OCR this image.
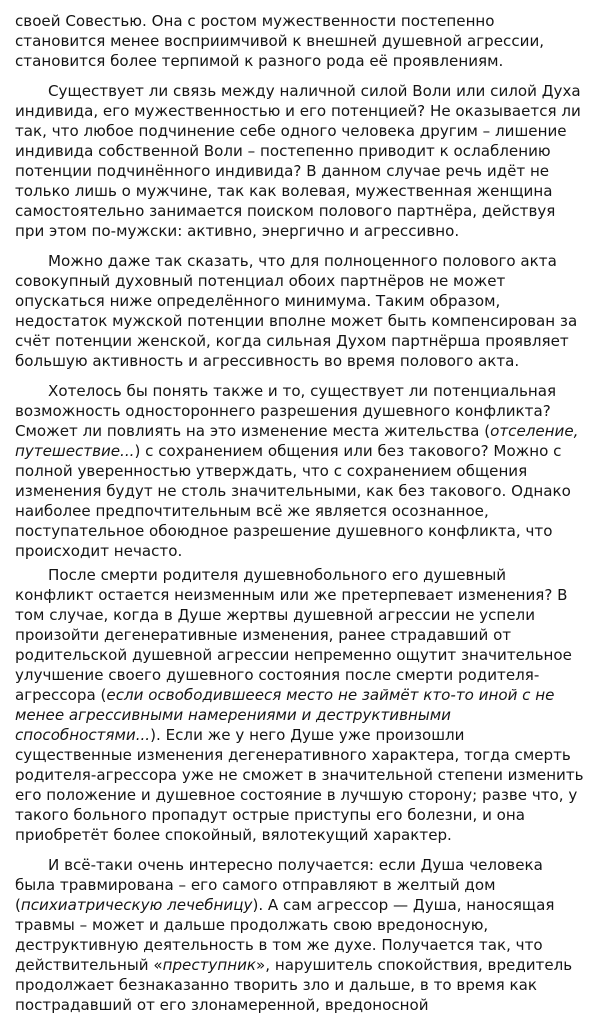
своей Совестью. Она с ростом мужественности постепенно становится менее восприимчивой к внешней душевной агрессии, становится более терпимой к разного рода её проявлениям.

Существует ли связь между наличной силой Воли или силой Духа индивида, его мужественностью и его потенцией? Не оказывается ли так, что любое подчинение себе одного человека другим – лишение индивида собственной Воли – постепенно приводит к ослаблению потенции подчинённого индивида? В данном случае речь идёт не только лишь о мужчине, так как волевая, мужественная женщина самостоятельно занимается поиском полового партнёра, действуя при этом по-мужски: активно, энергично и агрессивно.

Можно даже так сказать, что для полноценного полового акта совокупный духовный потенциал обоих партнёров не может опускаться ниже определённого минимума. Таким образом, недостаток мужской потенции вполне может быть компенсирован за счёт потенции женской, когда сильная Духом партнёрша проявляет большую активность и агрессивность во время полового акта.

Хотелось бы понять также и то, существует ли потенциальная возможность одностороннего разрешения душевного конфликта? Сможет ли повлиять на это изменение места жительства (отселение, путешествие...) с сохранением общения или без такового? Можно с полной уверенностью утверждать, что с сохранением общения изменения будут не столь значительными, как без такового. Однако наиболее предпочтительным всё же является осознанное, поступательное обоюдное разрешение душевного конфликта, что происходит нечасто.

После смерти родителя душевнобольного его душевный конфликт остается неизменным или же претерпевает изменения? В том случае, когда в Душе жертвы душевной агрессии не успели произойти дегенеративные изменения, ранее страдавший от родительской душевной агрессии непременно ощутит значительное улучшение своего душевного состояния после смерти родителя-агрессора (если освободившееся место не займёт кто-то иной с не менее агрессивными намерениями и деструктивными способностями...). Если же у него Душе уже произошли существенные изменения дегенеративного характера, тогда смерть родителя-агрессора уже не сможет в значительной степени изменить его положение и душевное состояние в лучшую сторону; разве что, у такого больного пропадут острые приступы его болезни, и она приобретёт более спокойный, вялотекущий характер.

И всё-таки очень интересно получается: если Душа человека была травмирована – его самого отправляют в желтый дом (психиатрическую лечебницу). А сам агрессор — Душа, наносящая травмы – может и дальше продолжать свою вредоносную, деструктивную деятельность в том же духе. Получается так, что действительный «преступник», нарушитель спокойствия, вредитель продолжает безнаказанно творить зло и дальше, в то время как пострадавший от его злонамеренной, вредоносной
